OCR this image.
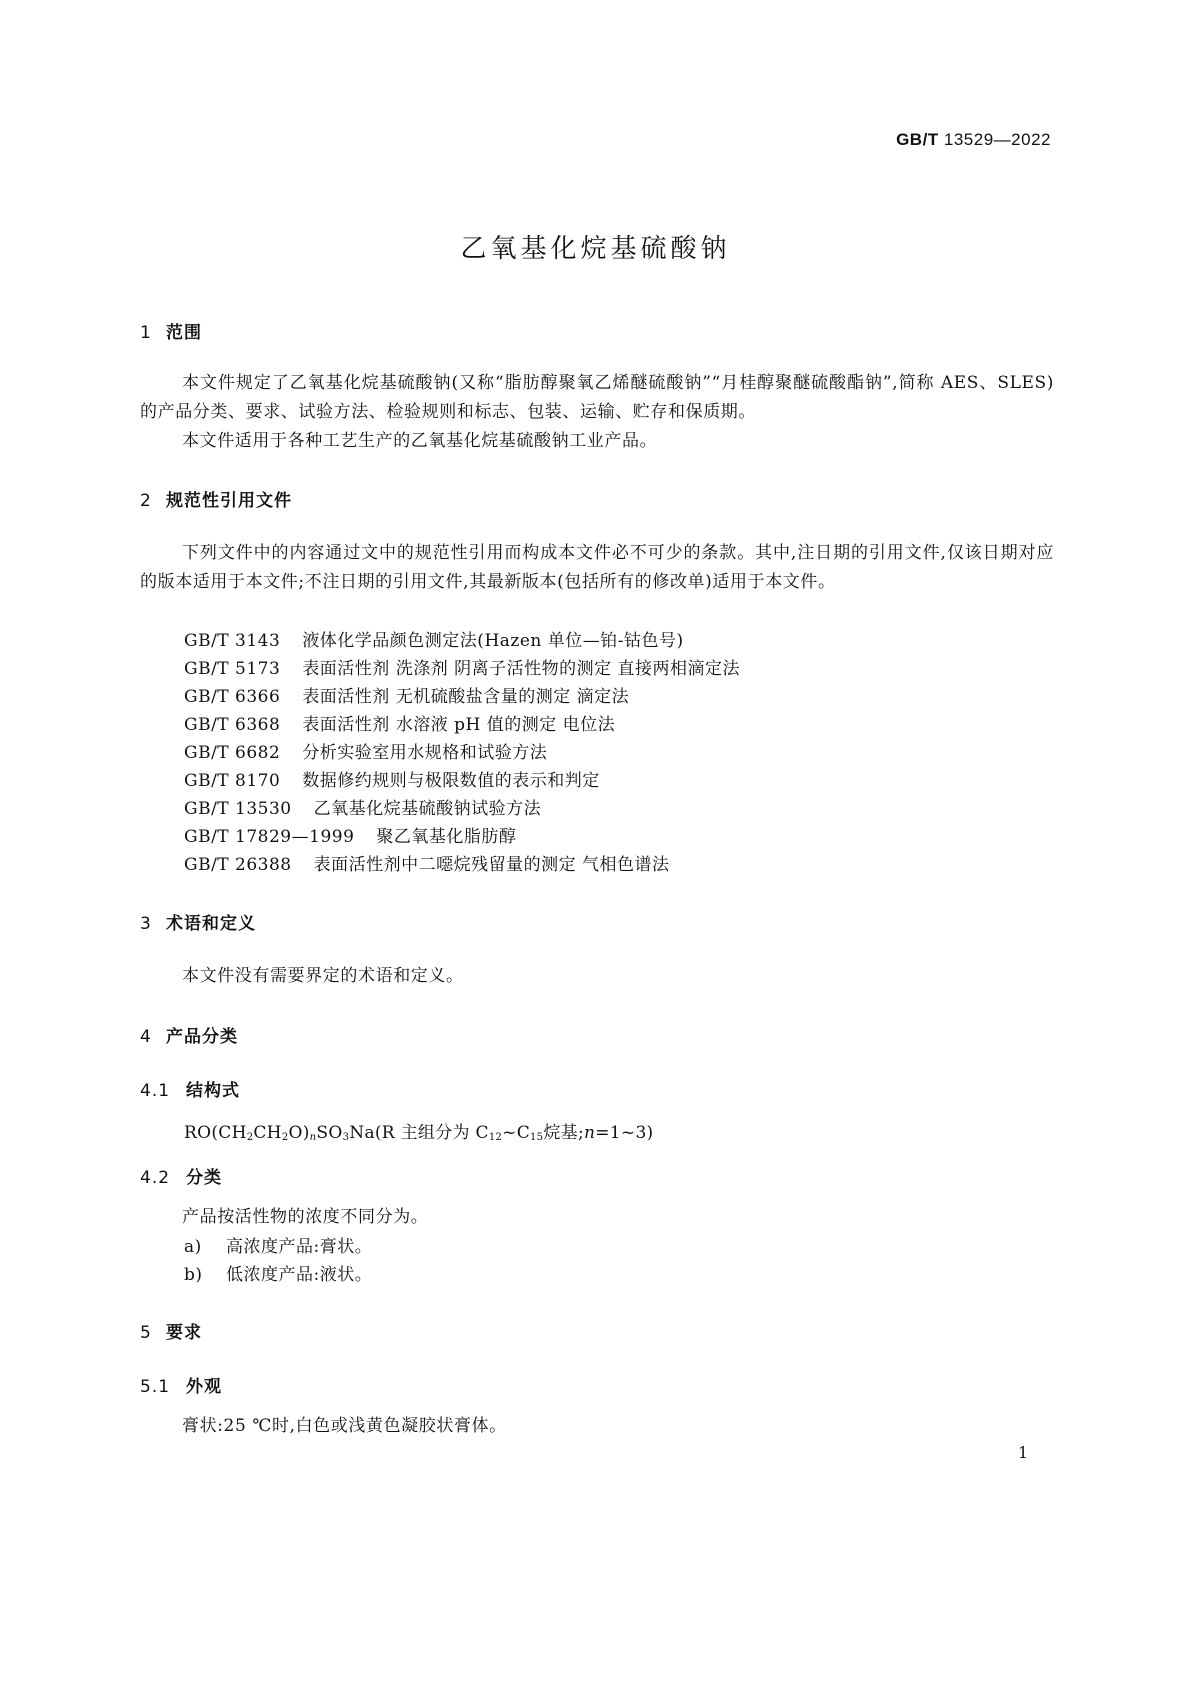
GB/T 13529—2022
乙氧基化烷基硫酸钠
1 范围
本文件规定了乙氧基化烷基硫酸钠(又称“脂肪醇聚氧乙烯醚硫酸钠”“月桂醇聚醚硫酸酯钠”,简称 AES、SLES)的产品分类、要求、试验方法、检验规则和标志、包装、运输、贮存和保质期。
本文件适用于各种工艺生产的乙氧基化烷基硫酸钠工业产品。
2 规范性引用文件
下列文件中的内容通过文中的规范性引用而构成本文件必不可少的条款。其中,注日期的引用文件,仅该日期对应的版本适用于本文件;不注日期的引用文件,其最新版本(包括所有的修改单)适用于本文件。
GB/T 3143 液体化学品颜色测定法(Hazen 单位—铂-钴色号)
GB/T 5173 表面活性剂 洗涤剂 阴离子活性物的测定 直接两相滴定法
GB/T 6366 表面活性剂 无机硫酸盐含量的测定 滴定法
GB/T 6368 表面活性剂 水溶液 pH 值的测定 电位法
GB/T 6682 分析实验室用水规格和试验方法
GB/T 8170 数据修约规则与极限数值的表示和判定
GB/T 13530 乙氧基化烷基硫酸钠试验方法
GB/T 17829—1999 聚乙氧基化脂肪醇
GB/T 26388 表面活性剂中二噁烷残留量的测定 气相色谱法
3 术语和定义
本文件没有需要界定的术语和定义。
4 产品分类
4.1 结构式
$RO(CH_2CH_2O)_nSO_3Na(R$ 主组分为 $C_{12}\sim C_{15}$烷基;n=1~3)
4.2 分类
产品按活性物的浓度不同分为。
a) 高浓度产品:膏状。
b) 低浓度产品:液状。
5 要求
5.1 外观
膏状:25 ℃时,白色或浅黄色凝胶状膏体。
1
